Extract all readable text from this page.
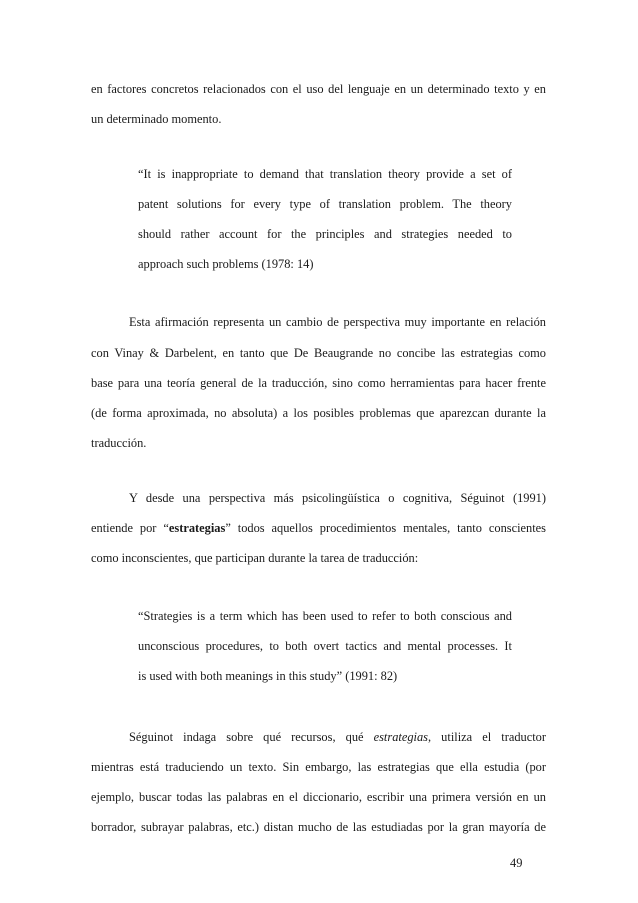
en factores concretos relacionados con el uso del lenguaje en un determinado texto y en
un determinado momento.
“It is inappropriate to demand that translation theory provide a set of
patent solutions for every type of translation problem. The theory
should rather account for the principles and strategies needed to
approach such problems (1978: 14)
Esta afirmación representa un cambio de perspectiva muy importante en relación
con Vinay & Darbelent, en tanto que De Beaugrande no concibe las estrategias como
base para una teoría general de la traducción, sino como herramientas para hacer frente
(de forma aproximada, no absoluta) a los posibles problemas que aparezcan durante la
traducción.
Y desde una perspectiva más psicolingüística o cognitiva, Séguinot (1991)
entiende por “estrategias” todos aquellos procedimientos mentales, tanto conscientes
como inconscientes, que participan durante la tarea de traducción:
“Strategies is a term which has been used to refer to both conscious and
unconscious procedures, to both overt tactics and mental processes. It
is used with both meanings in this study” (1991: 82)
Séguinot indaga sobre qué recursos, qué estrategias, utiliza el traductor
mientras está traduciendo un texto. Sin embargo, las estrategias que ella estudia (por
ejemplo, buscar todas las palabras en el diccionario, escribir una primera versión en un
borrador, subrayar palabras, etc.) distan mucho de las estudiadas por la gran mayoría de
49
